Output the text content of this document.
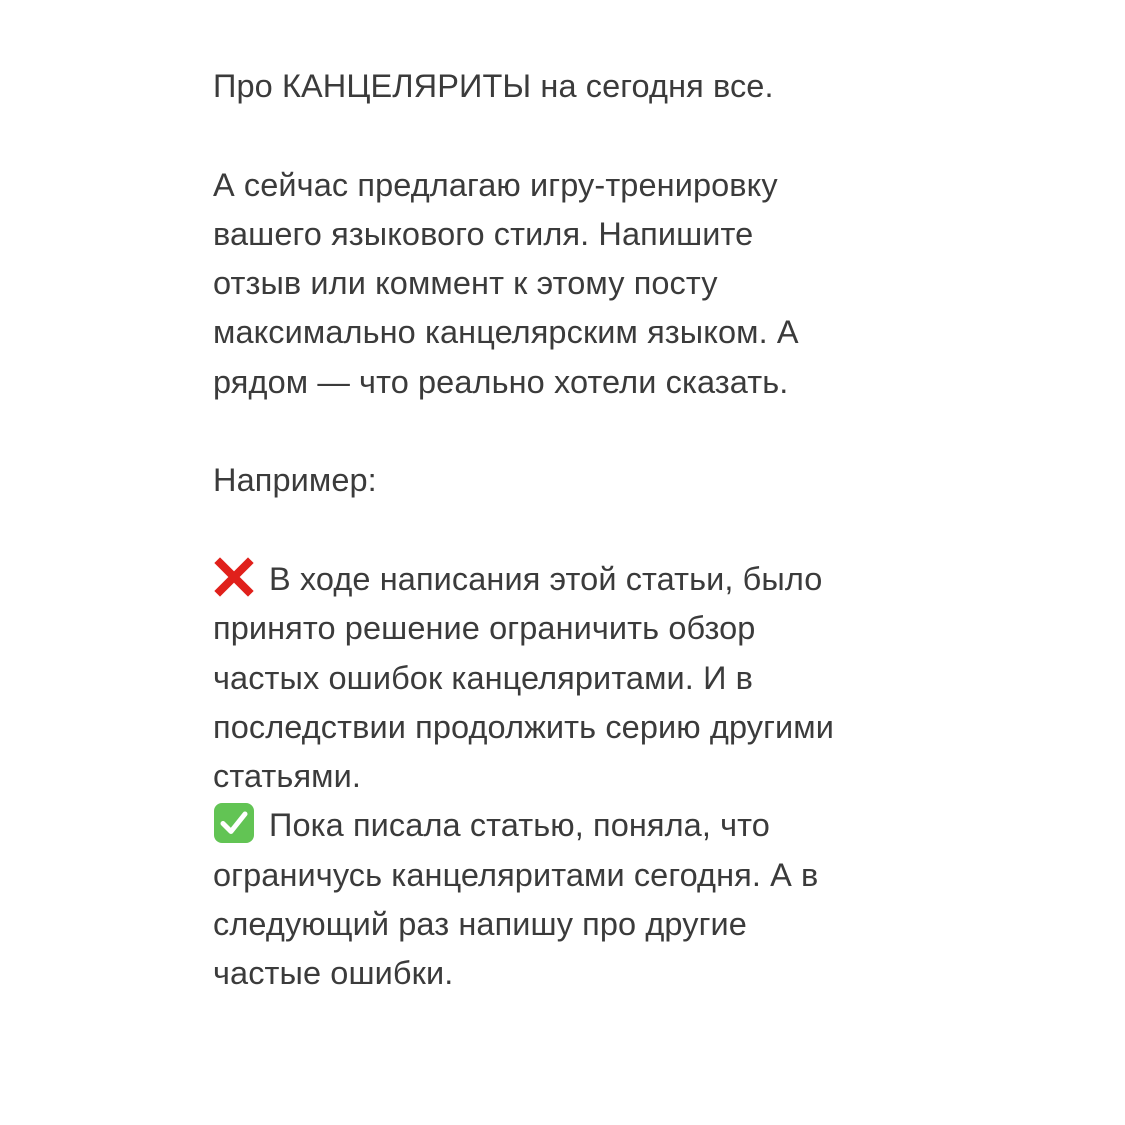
Про КАНЦЕЛЯРИТЫ на сегодня все.

А сейчас предлагаю игру-тренировку
вашего языкового стиля. Напишите
отзыв или коммент к этому посту
максимально канцелярским языком. А
рядом — что реально хотели сказать.

Например:

В ходе написания этой статьи, было
принято решение ограничить обзор
частых ошибок канцеляритами. И в
последствии продолжить серию другими
статьями.

Пока писала статью, поняла, что
ограничусь канцеляритами сегодня. А в
следующий раз напишу про другие
частые ошибки.
